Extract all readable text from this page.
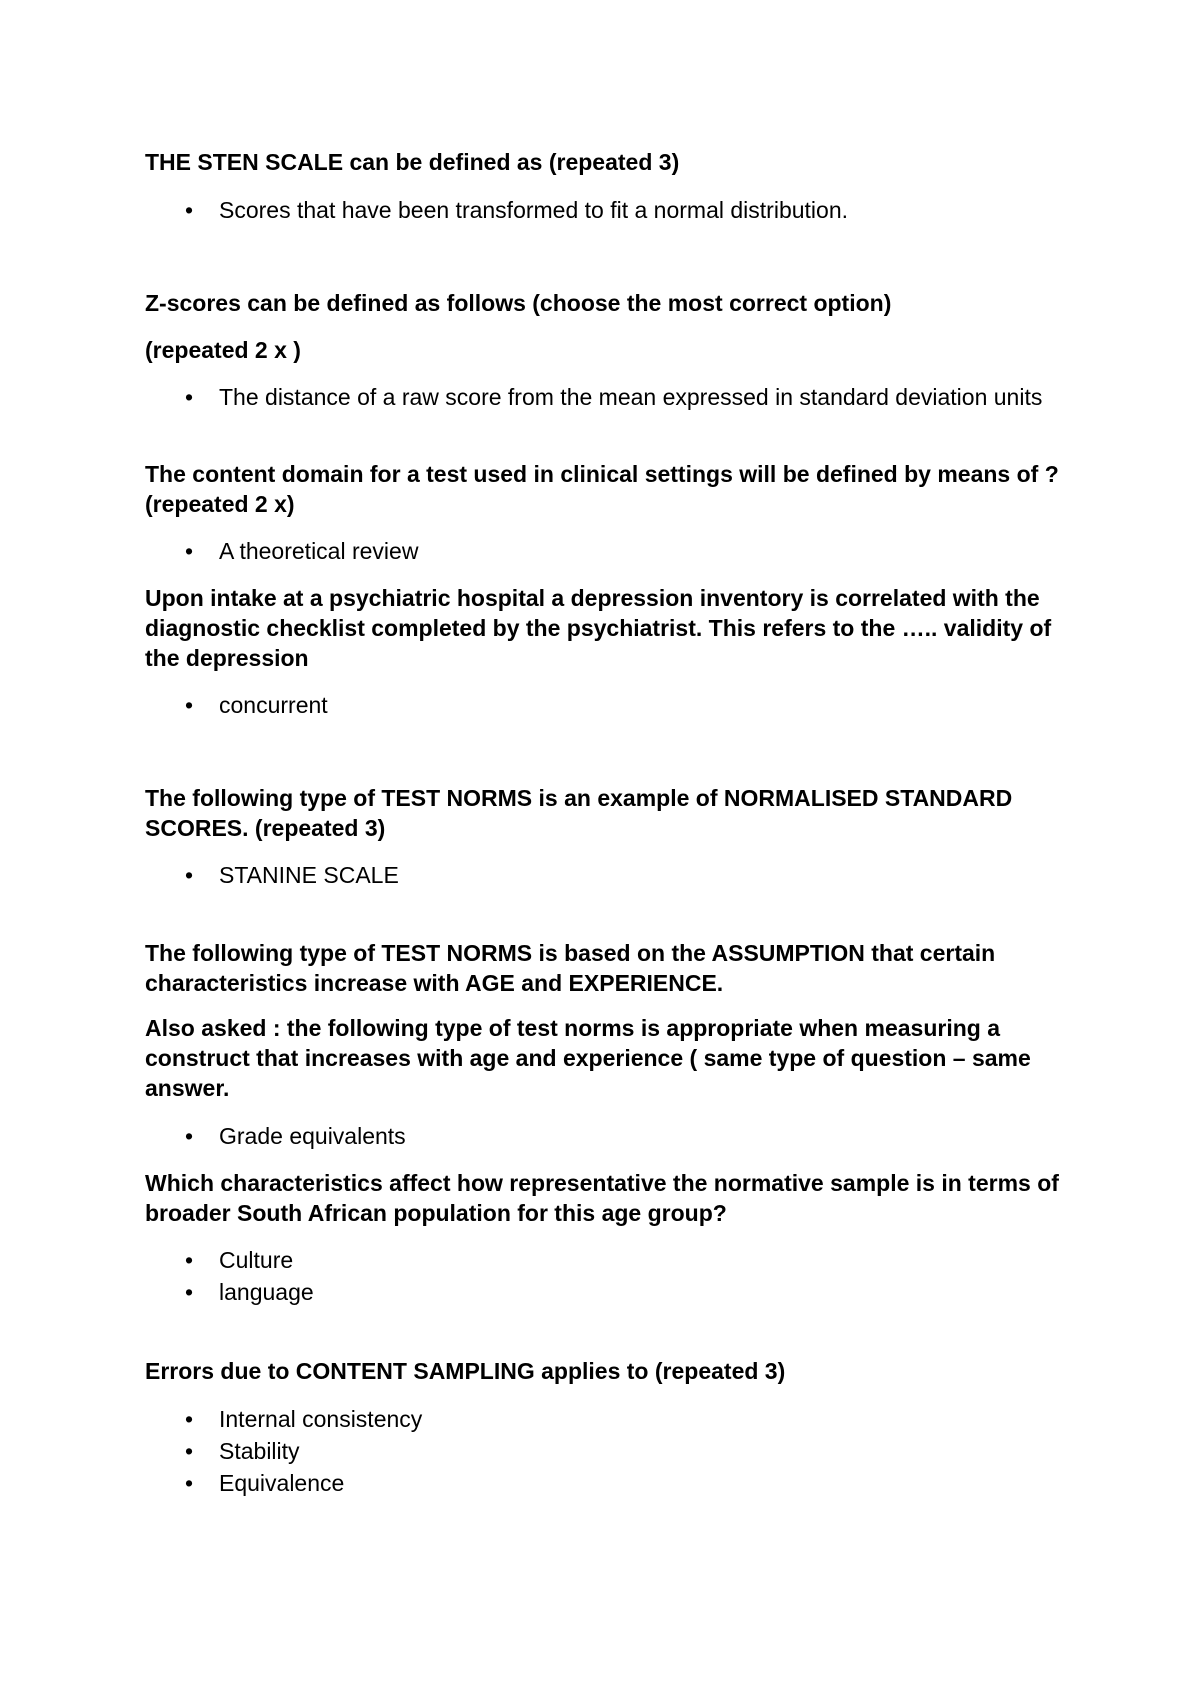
THE STEN SCALE can be defined as (repeated 3)

• Scores that have been transformed to fit a normal distribution.

Z-scores can be defined as follows (choose the most correct option)

(repeated 2 x )

• The distance of a raw score from the mean expressed in standard deviation units

The content domain for a test used in clinical settings will be defined by means of ? (repeated 2 x)

• A theoretical review

Upon intake at a psychiatric hospital a depression inventory is correlated with the diagnostic checklist completed by the psychiatrist. This refers to the ….. validity of the depression

• concurrent

The following type of TEST NORMS is an example of NORMALISED STANDARD SCORES. (repeated 3)

• STANINE SCALE

The following type of TEST NORMS is based on the ASSUMPTION that certain characteristics increase with AGE and EXPERIENCE.

Also asked : the following type of test norms is appropriate when measuring a construct that increases with age and experience ( same type of question – same answer.

• Grade equivalents

Which characteristics affect how representative the normative sample is in terms of broader South African population for this age group?

• Culture

• language

Errors due to CONTENT SAMPLING applies to (repeated 3)

• Internal consistency

• Stability

• Equivalence
